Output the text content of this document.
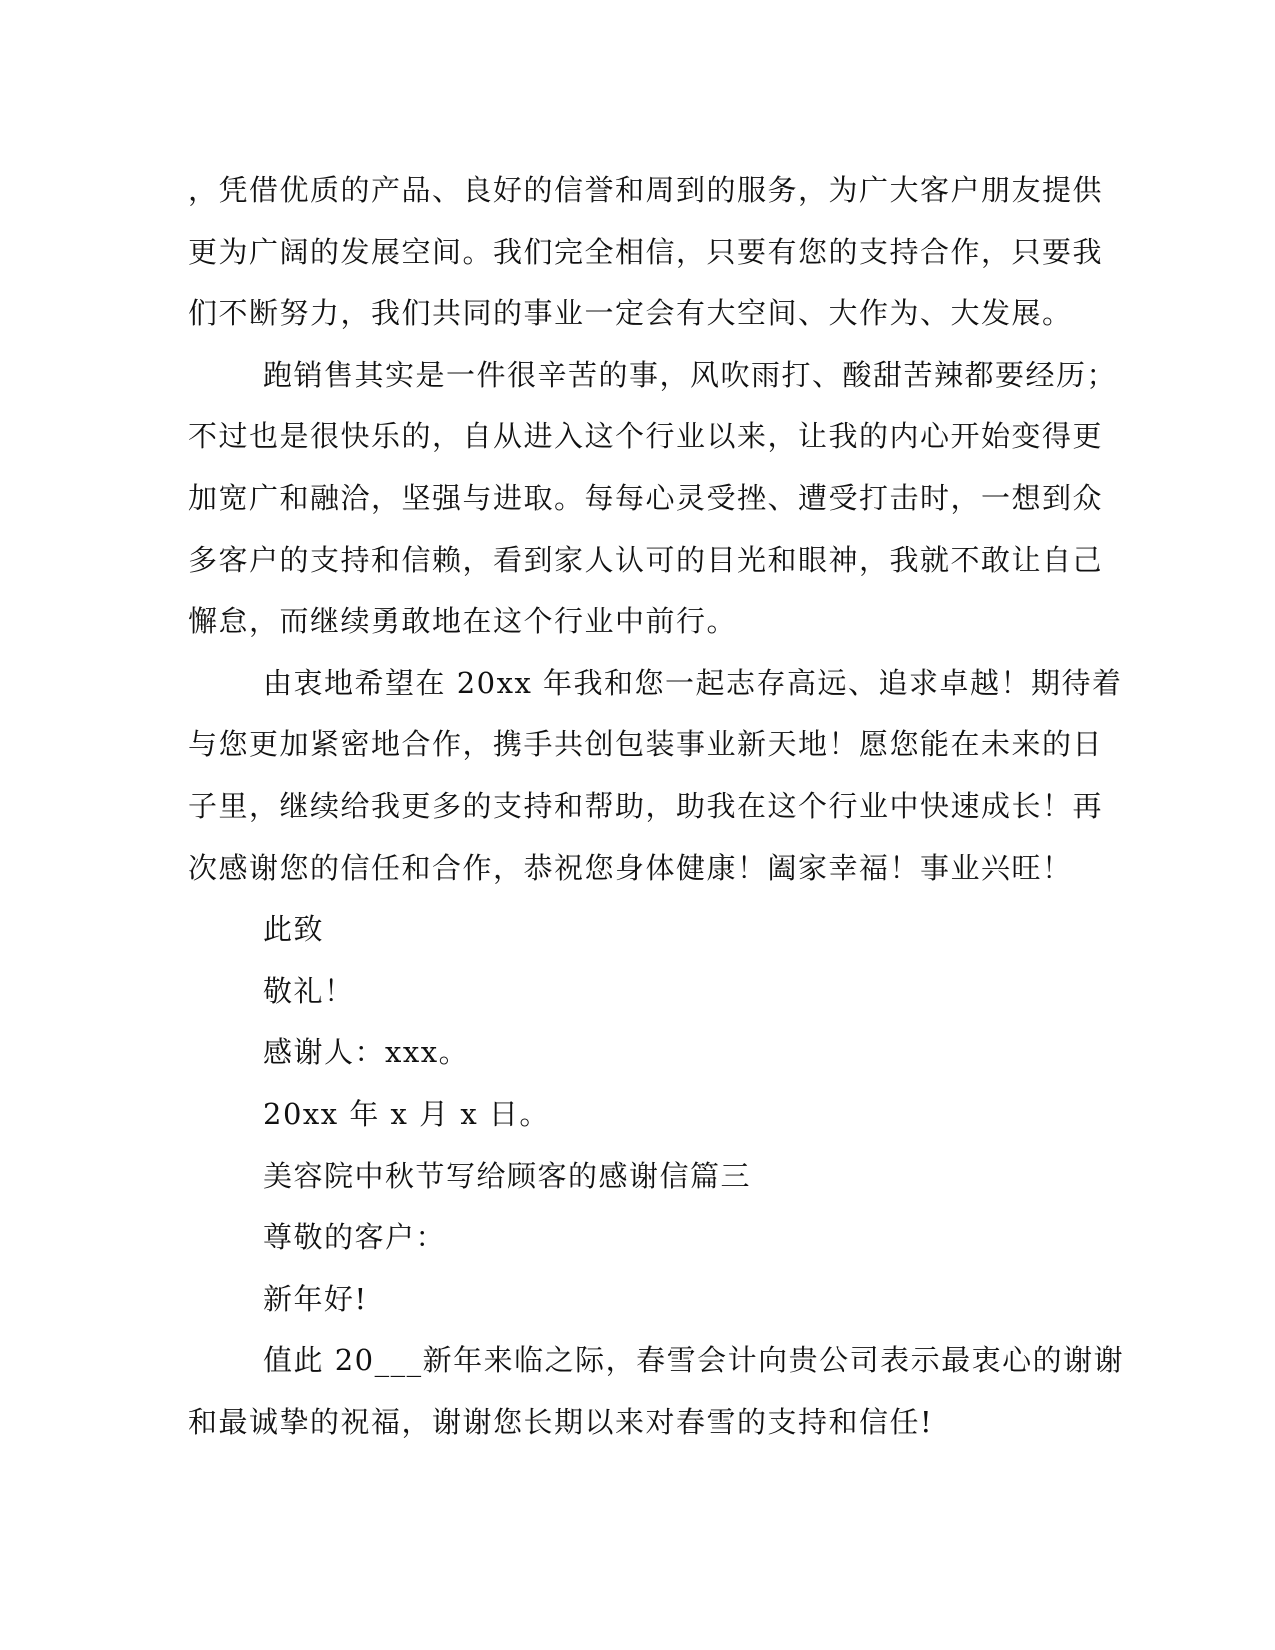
，凭借优质的产品、良好的信誉和周到的服务，为广大客户朋友提供
更为广阔的发展空间。我们完全相信，只要有您的支持合作，只要我
们不断努力，我们共同的事业一定会有大空间、大作为、大发展。
跑销售其实是一件很辛苦的事，风吹雨打、酸甜苦辣都要经历；
不过也是很快乐的，自从进入这个行业以来，让我的内心开始变得更
加宽广和融洽，坚强与进取。每每心灵受挫、遭受打击时，一想到众
多客户的支持和信赖，看到家人认可的目光和眼神，我就不敢让自己
懈怠，而继续勇敢地在这个行业中前行。
由衷地希望在 20xx 年我和您一起志存高远、追求卓越！期待着
与您更加紧密地合作，携手共创包装事业新天地！愿您能在未来的日
子里，继续给我更多的支持和帮助，助我在这个行业中快速成长！再
次感谢您的信任和合作，恭祝您身体健康！阖家幸福！事业兴旺！
此致
敬礼！
感谢人：xxx。
20xx 年 x 月 x 日。
美容院中秋节写给顾客的感谢信篇三
尊敬的客户：
新年好!
值此 20___新年来临之际，春雪会计向贵公司表示最衷心的谢谢
和最诚挚的祝福，谢谢您长期以来对春雪的支持和信任!
